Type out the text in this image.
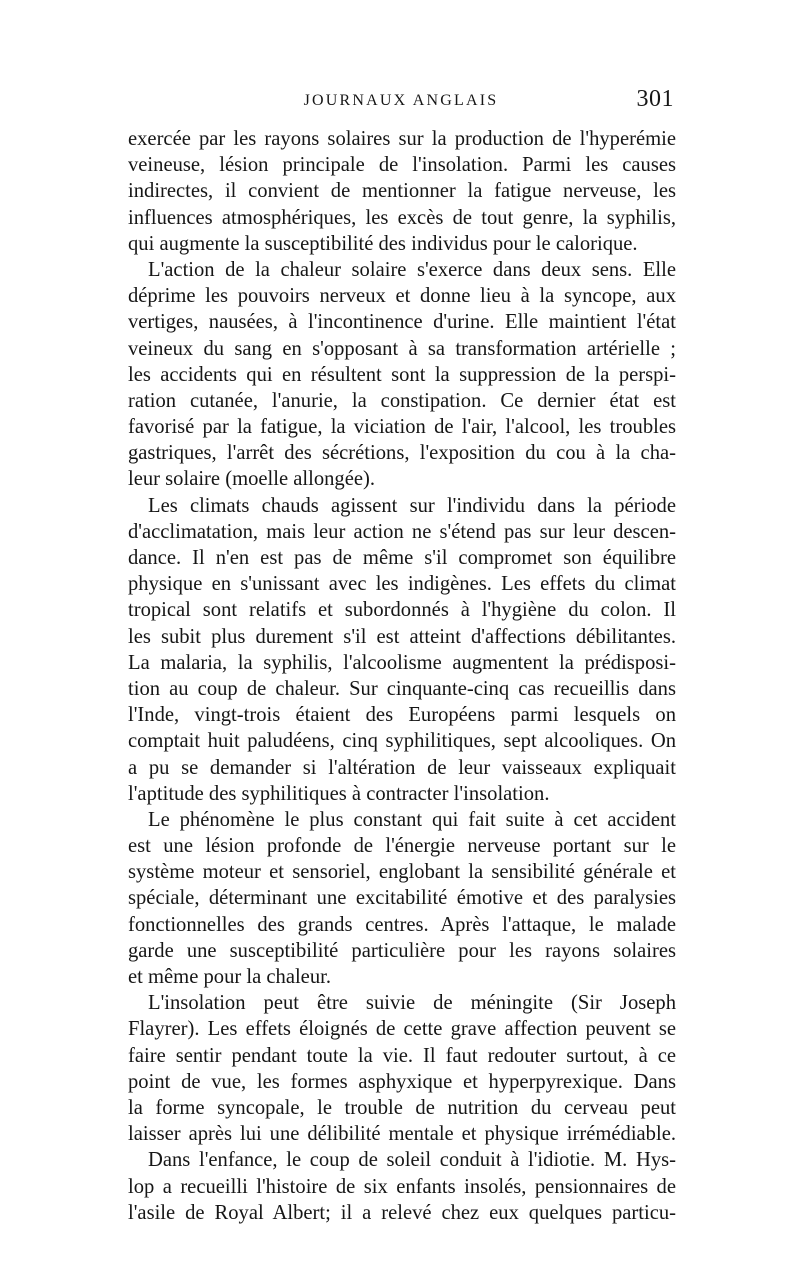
JOURNAUX ANGLAIS	301
exercée par les rayons solaires sur la production de l'hyperémie
veineuse, lésion principale de l'insolation. Parmi les causes
indirectes, il convient de mentionner la fatigue nerveuse, les
influences atmosphériques, les excès de tout genre, la syphilis,
qui augmente la susceptibilité des individus pour le calorique.
L'action de la chaleur solaire s'exerce dans deux sens. Elle
déprime les pouvoirs nerveux et donne lieu à la syncope, aux
vertiges, nausées, à l'incontinence d'urine. Elle maintient l'état
veineux du sang en s'opposant à sa transformation artérielle ;
les accidents qui en résultent sont la suppression de la perspi-
ration cutanée, l'anurie, la constipation. Ce dernier état est
favorisé par la fatigue, la viciation de l'air, l'alcool, les troubles
gastriques, l'arrêt des sécrétions, l'exposition du cou à la cha-
leur solaire (moelle allongée).
Les climats chauds agissent sur l'individu dans la période
d'acclimatation, mais leur action ne s'étend pas sur leur descen-
dance. Il n'en est pas de même s'il compromet son équilibre
physique en s'unissant avec les indigènes. Les effets du climat
tropical sont relatifs et subordonnés à l'hygiène du colon. Il
les subit plus durement s'il est atteint d'affections débilitantes.
La malaria, la syphilis, l'alcoolisme augmentent la prédisposi-
tion au coup de chaleur. Sur cinquante-cinq cas recueillis dans
l'Inde, vingt-trois étaient des Européens parmi lesquels on
comptait huit paludéens, cinq syphilitiques, sept alcooliques. On
a pu se demander si l'altération de leur vaisseaux expliquait
l'aptitude des syphilitiques à contracter l'insolation.
Le phénomène le plus constant qui fait suite à cet accident
est une lésion profonde de l'énergie nerveuse portant sur le
système moteur et sensoriel, englobant la sensibilité générale et
spéciale, déterminant une excitabilité émotive et des paralysies
fonctionnelles des grands centres. Après l'attaque, le malade
garde une susceptibilité particulière pour les rayons solaires
et même pour la chaleur.
L'insolation peut être suivie de méningite (Sir Joseph
Flayrer). Les effets éloignés de cette grave affection peuvent se
faire sentir pendant toute la vie. Il faut redouter surtout, à ce
point de vue, les formes asphyxique et hyperpyrexique. Dans
la forme syncopale, le trouble de nutrition du cerveau peut
laisser après lui une délibilité mentale et physique irrémédiable.
Dans l'enfance, le coup de soleil conduit à l'idiotie. M. Hys-
lop a recueilli l'histoire de six enfants insolés, pensionnaires de
l'asile de Royal Albert; il a relevé chez eux quelques particu-
